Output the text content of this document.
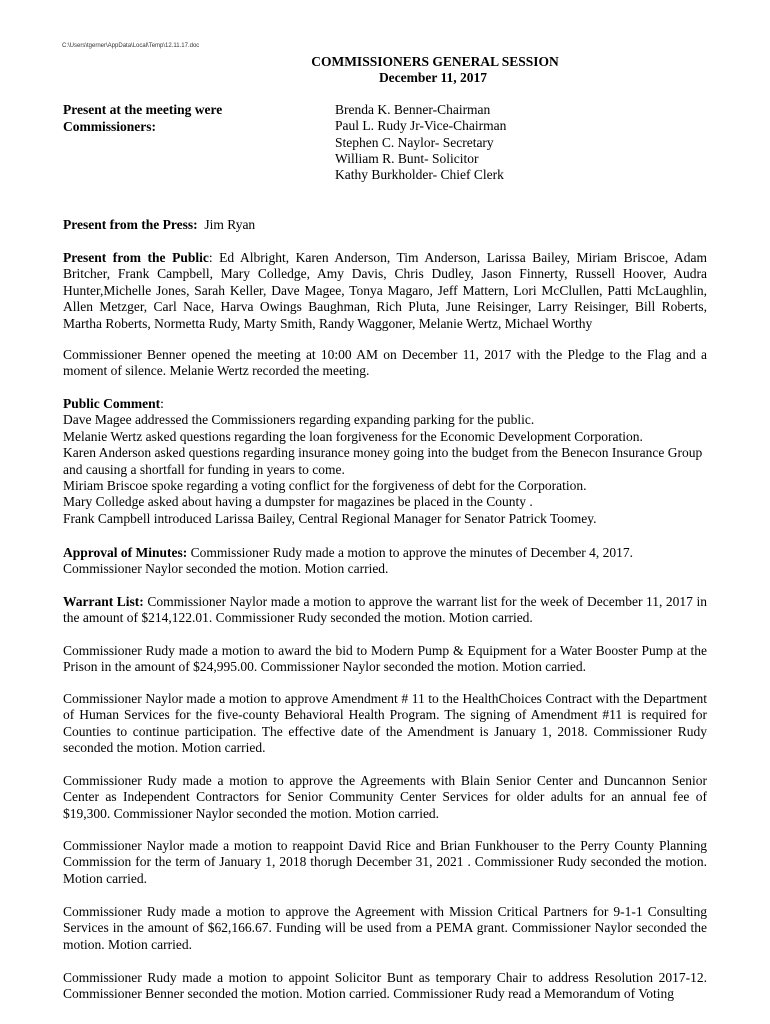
C:\Users\tgerner\AppData\Local\Temp\12.11.17.doc
COMMISSIONERS GENERAL SESSION
December 11, 2017
Present at the meeting were
Commissioners:
Brenda K. Benner-Chairman
Paul L. Rudy Jr-Vice-Chairman
Stephen C. Naylor- Secretary
William R. Bunt- Solicitor
Kathy Burkholder- Chief Clerk

Present from the Press: Jim Ryan

Present from the Public: Ed Albright, Karen Anderson, Tim Anderson, Larissa Bailey, Miriam Briscoe, Adam Britcher, Frank Campbell, Mary Colledge, Amy Davis, Chris Dudley, Jason Finnerty, Russell Hoover, Audra Hunter,Michelle Jones, Sarah Keller, Dave Magee, Tonya Magaro, Jeff Mattern, Lori McClullen, Patti McLaughlin, Allen Metzger, Carl Nace, Harva Owings Baughman, Rich Pluta, June Reisinger, Larry Reisinger, Bill Roberts, Martha Roberts, Normetta Rudy, Marty Smith, Randy Waggoner, Melanie Wertz, Michael Worthy

Commissioner Benner opened the meeting at 10:00 AM on December 11, 2017 with the Pledge to the Flag and a moment of silence. Melanie Wertz recorded the meeting.

Public Comment:

Dave Magee addressed the Commissioners regarding expanding parking for the public.

Melanie Wertz asked questions regarding the loan forgiveness for the Economic Development Corporation.

Karen Anderson asked questions regarding insurance money going into the budget from the Benecon Insurance Group and causing a shortfall for funding in years to come.

Miriam Briscoe spoke regarding a voting conflict for the forgiveness of debt for the Corporation.

Mary Colledge asked about having a dumpster for magazines be placed in the County .

Frank Campbell introduced Larissa Bailey, Central Regional Manager for Senator Patrick Toomey.

Approval of Minutes: Commissioner Rudy made a motion to approve the minutes of December 4, 2017. Commissioner Naylor seconded the motion. Motion carried.

Warrant List: Commissioner Naylor made a motion to approve the warrant list for the week of December 11, 2017 in the amount of $214,122.01. Commissioner Rudy seconded the motion. Motion carried.

Commissioner Rudy made a motion to award the bid to Modern Pump & Equipment for a Water Booster Pump at the Prison in the amount of $24,995.00. Commissioner Naylor seconded the motion. Motion carried.

Commissioner Naylor made a motion to approve Amendment # 11 to the HealthChoices Contract with the Department of Human Services for the five-county Behavioral Health Program. The signing of Amendment #11 is required for Counties to continue participation. The effective date of the Amendment is January 1, 2018. Commissioner Rudy seconded the motion. Motion carried.

Commissioner Rudy made a motion to approve the Agreements with Blain Senior Center and Duncannon Senior Center as Independent Contractors for Senior Community Center Services for older adults for an annual fee of $19,300. Commissioner Naylor seconded the motion. Motion carried.

Commissioner Naylor made a motion to reappoint David Rice and Brian Funkhouser to the Perry County Planning Commission for the term of January 1, 2018 thorugh December 31, 2021 . Commissioner Rudy seconded the motion. Motion carried.

Commissioner Rudy made a motion to approve the Agreement with Mission Critical Partners for 9-1-1 Consulting Services in the amount of $62,166.67. Funding will be used from a PEMA grant. Commissioner Naylor seconded the motion. Motion carried.

Commissioner Rudy made a motion to appoint Solicitor Bunt as temporary Chair to address Resolution 2017-12. Commissioner Benner seconded the motion. Motion carried. Commissioner Rudy read a Memorandum of Voting
